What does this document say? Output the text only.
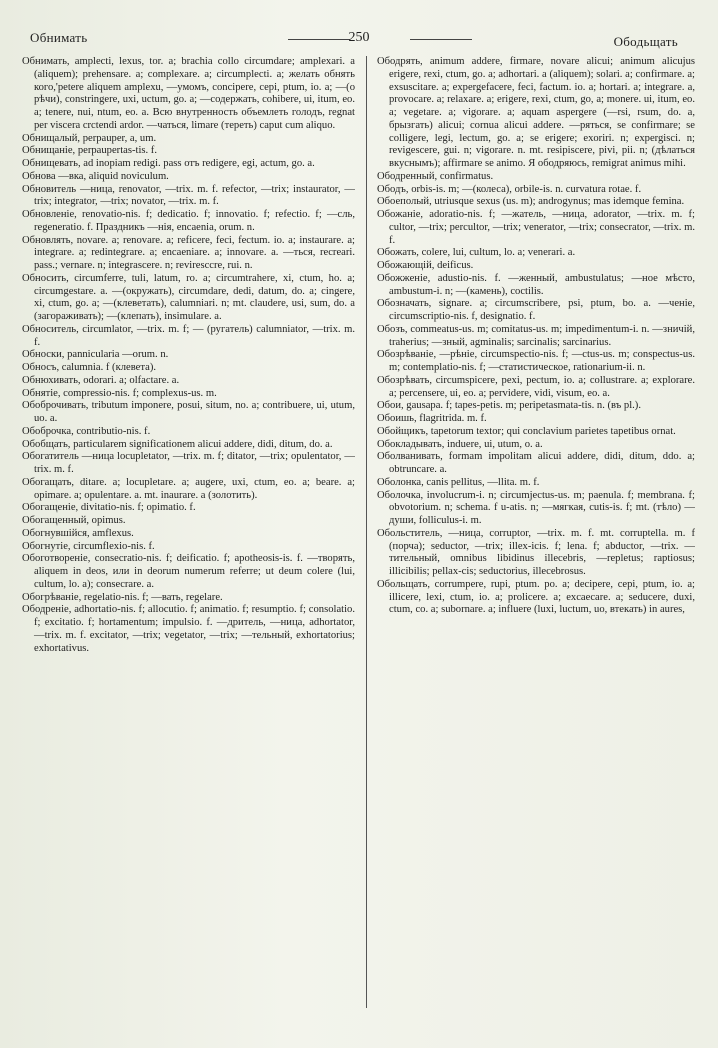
Обнимать	250	Ободьщать

Обнимать, amplecti, lexus, tor. a; brachia collo circumdare; amplexari. a (aliquem); prehensare. a; complexare. a; circumplecti. a; желать обнять кого,'petere aliquem amplexu, —умомъ, concipere, cepi, ptum, io. a; —(о рѣчи), constringere, uxi, uctum, go. a; —содержать, cohibere, ui, itum, eo. a; tenere, nui, ntum, eo. a. Всю внутренность объемлеть голодъ, regnat per viscera crctendi ardor. —чаться, limare (тереть) caput cum aliquo.

Обнищалый, perpauper, a, um.

Обнищаніе, perpaupertas-tis. f.

Обнищевать, ad inopiam redigi. pass отъ redigere, egi, actum, go. a.

Обнова —вка, aliquid noviculum.

Обновитель —ница, renovator, —trix. m. f. refector, —trix; instaurator, —trix; integrator, —trix; novator, —trix. m. f.

Обновленіе, renovatio-nis. f; dedicatio. f; innovatio. f; refectio. f; —сль, regeneratio. f. Праздникъ —нія, encaenia, orum. n.

Обновлять, novare. a; renovare. a; reficere, feci, fectum. io. a; instaurare. a; integrare. a; redintegrare. a; encaeniare. a; innovare. a. —ться, recreari. pass.; vernare. n; integrascere. n; reviresccre, rui. n.

Обносить, circumferre, tuli, latum, ro. a; circumtrahere, xi, ctum, ho. a; circumgestare. a. —(окружать), circumdare, dedi, datum, do. a; cingere, xi, ctum, go. a; —(клеветать), calumniari. n; mt. claudere, usi, sum, do. a (загораживать); —(клепать), insimulare. a.

Обноситель, circumlator, —trix. m. f; — (ругатель) calumniator, —trix. m. f.

Обноски, pannicularia —orum. n.

Обносъ, calumnia. f (клевета).

Обнюхивать, odorari. a; olfactare. a.

Обнятіе, compressio-nis. f; complexus-us. m.

Обоброчивать, tributum imponere, posui, situm, no. a; contribuere, ui, utum, uo. a.

Обоброчка, contributio-nis. f.

Обобщать, particularem significationem alicui addere, didi, ditum, do. a.

Обогатитель —ница locupletator, —trix. m. f; ditator, —trix; opulentator, —trix. m. f.

Обогащать, ditare. a; locupletare. a; augere, uxi, ctum, eo. a; beare. a; opimare. a; opulentare. a. mt. inaurare. a (золотить).

Обогащеніе, divitatio-nis. f; opimatio. f.

Обогащенный, opimus.

Обогнувшійся, amflexus.

Обогнутіе, circumflexio-nis. f.

Обоготвореніе, consecratio-nis. f; deificatio. f; apotheosis-is. f. —творять, aliquem in deos, или in deorum numerum referre; ut deum colere (lui, cultum, lo. a); consecrare. a.

Обогрѣваніе, regelatio-nis. f; —вать, regelare.

Ободреніе, adhortatio-nis. f; allocutio. f; animatio. f; resumptio. f; consolatio. f; excitatio. f; hortamentum; impulsio. f. —дритель, —ница, adhortator, —trix. m. f. excitator, —trix; vegetator, —trix; —тельный, exhortatorius; exhortativus.

Ободрять, animum addere, firmare, novare alicui; animum alicujus erigere, rexi, ctum, go. a; adhortari. a (aliquem); solari. a; confirmare. a; exsuscitare. a; expergefacere, feci, factum. io. a; hortari. a; integrare. a, provocare. a; relaxare. a; erigere, rexi, ctum, go, a; monere. ui, itum, eo. a; vegetare. a; vigorare. a; aquam aspergere (—rsi, rsum, do. a, брызгать) alicui; cornua alicui addere. —ряться, se confirmare; se colligere, legi, lectum, go. a; se erigere; exoriri. n; expergisci. n; revigescere, gui. n; vigorare. n. mt. resipiscere, pivi, pii. n; (дѣлаться вкуснымъ); affirmare se animo. Я ободряюсь, remigrat animus mihi.

Ободренный, confirmatus.

Ободъ, orbis-is. m; —(колеса), orbile-is. n. curvatura rotae. f.

Обоеполый, utriusque sexus (us. m); androgynus; mas idemque femina.

Обожаніе, adoratio-nis. f; —жатель, —ница, adorator, —trix. m. f; cultor, —trix; percultor, —trix; venerator, —trix; consecrator, —trix. m. f.

Обожать, colere, lui, cultum, lo. a; venerari. a.

Обожающій, deificus.

Обожженіе, adustio-nis. f. —женный, ambustulatus; —ное мѣсто, ambustum-i. n; —(камень), coctilis.

Обозначать, signare. a; circumscribere, psi, ptum, bo. a. —ченіе, circumscriptio-nis. f, designatio. f.

Обозъ, commeatus-us. m; comitatus-us. m; impedimentum-i. n. —зничій, traherius; —зный, agminalis; sarcinalis; sarcinarius.

Обозрѣваніе, —рѣніе, circumspectio-nis. f; —ctus-us. m; conspectus-us. m; contemplatio-nis. f; —статистическое, rationarium-ii. n.

Обозрѣвать, circumspicere, pexi, pectum, io. a; collustrare. a; explorare. a; percensere, ui, eo. a; pervidere, vidi, visum, eo. a.

Обои, gausapa. f; tapes-petis. m; peripetasmata-tis. n. (въ pl.).

Обоишь, flagritrida. m. f.

Обойщикъ, tapetorum textor; qui conclavium parietes tapetibus ornat.

Обокладывать, induere, ui, utum, o. a.

Оболванивать, formam impolitam alicui addere, didi, ditum, ddo. a; obtruncare. a.

Оболонка, canis pellitus, —llita. m. f.

Оболочка, involucrum-i. n; circumjectus-us. m; paenula. f; membrana. f; obvotorium. n; schema. f u-atis. n; —мягкая, cutis-is. f; mt. (тѣло) —души, folliculus-i. m.

Обольститель, —ница, corruptor, —trix. m. f. mt. corruptella. m. f (порча); seductor, —trix; illex-icis. f; lena. f; abductor, —trix. —тительный, omnibus libidinus illecebris, —repletus; raptiosus; illicibilis; pellax-cis; seductorius, illecebrosus.

Обольщать, corrumpere, rupi, ptum. po. a; decipere, cepi, ptum, io. a; illicere, lexi, ctum, io. a; prolicere. a; excaecare. a; seducere, duxi, ctum, co. a; subornare. a; influere (luxi, luctum, uo, втекать) in aures,
